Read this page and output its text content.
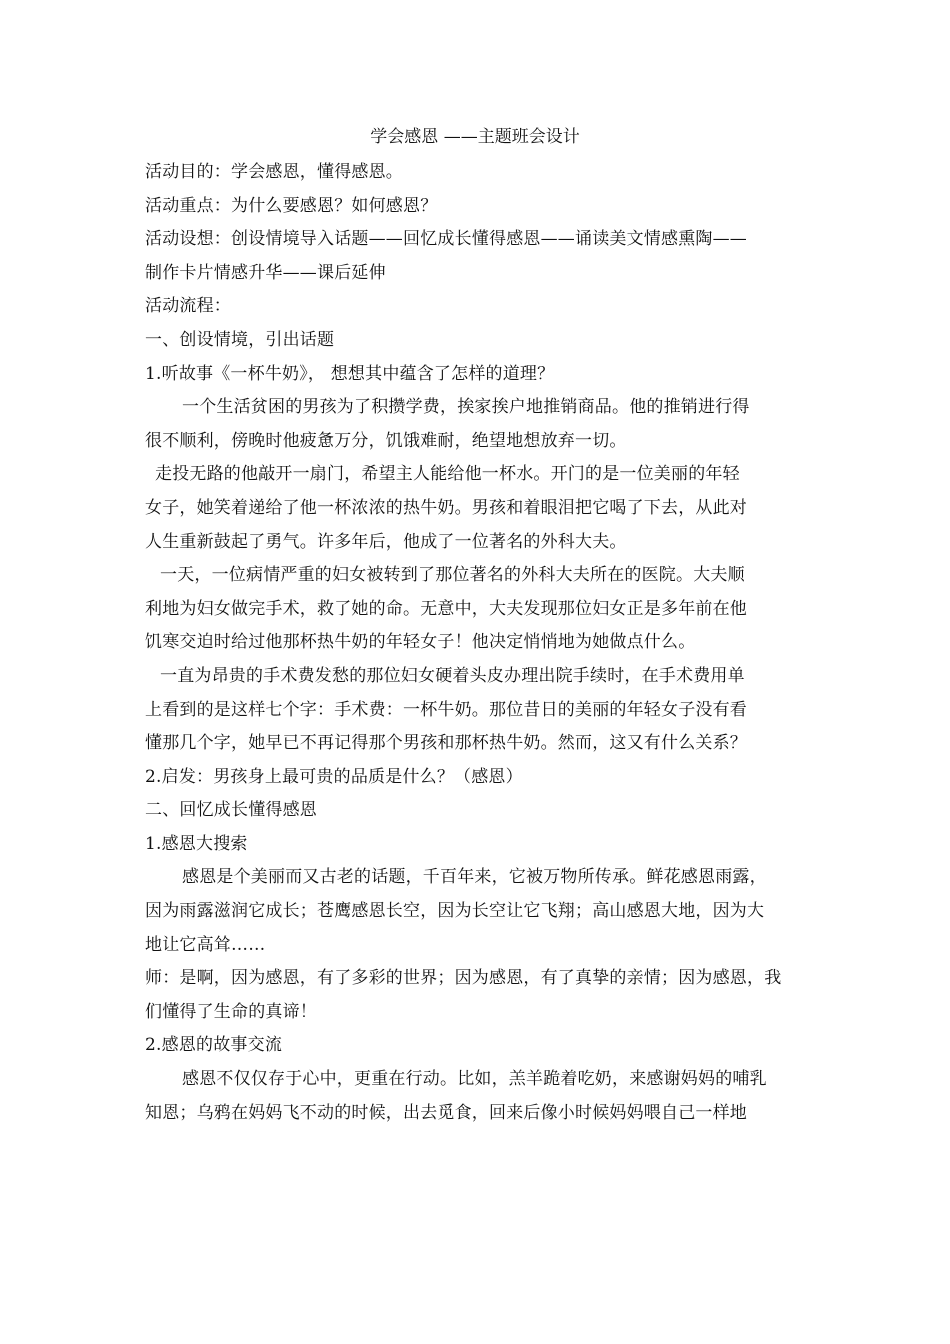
学会感恩 ——主题班会设计
活动目的：学会感恩，懂得感恩。
活动重点：为什么要感恩？如何感恩？
活动设想：创设情境导入话题——回忆成长懂得感恩——诵读美文情感熏陶——
制作卡片情感升华——课后延伸
活动流程：
一、创设情境，引出话题
1.听故事《一杯牛奶》， 想想其中蕴含了怎样的道理？
一个生活贫困的男孩为了积攒学费，挨家挨户地推销商品。他的推销进行得
很不顺利，傍晚时他疲惫万分，饥饿难耐，绝望地想放弃一切。
走投无路的他敲开一扇门，希望主人能给他一杯水。开门的是一位美丽的年轻
女子，她笑着递给了他一杯浓浓的热牛奶。男孩和着眼泪把它喝了下去，从此对
人生重新鼓起了勇气。许多年后，他成了一位著名的外科大夫。
一天，一位病情严重的妇女被转到了那位著名的外科大夫所在的医院。大夫顺
利地为妇女做完手术，救了她的命。无意中，大夫发现那位妇女正是多年前在他
饥寒交迫时给过他那杯热牛奶的年轻女子！他决定悄悄地为她做点什么。
一直为昂贵的手术费发愁的那位妇女硬着头皮办理出院手续时，在手术费用单
上看到的是这样七个字：手术费：一杯牛奶。那位昔日的美丽的年轻女子没有看
懂那几个字，她早已不再记得那个男孩和那杯热牛奶。然而，这又有什么关系？
2.启发：男孩身上最可贵的品质是什么？（感恩）
二、回忆成长懂得感恩
1.感恩大搜索
感恩是个美丽而又古老的话题，千百年来，它被万物所传承。鲜花感恩雨露，
因为雨露滋润它成长；苍鹰感恩长空，因为长空让它飞翔；高山感恩大地，因为大
地让它高耸……
师：是啊，因为感恩，有了多彩的世界；因为感恩，有了真挚的亲情；因为感恩，我
们懂得了生命的真谛！
2.感恩的故事交流
感恩不仅仅存于心中，更重在行动。比如，羔羊跪着吃奶，来感谢妈妈的哺乳
知恩；乌鸦在妈妈飞不动的时候，出去觅食，回来后像小时候妈妈喂自己一样地
